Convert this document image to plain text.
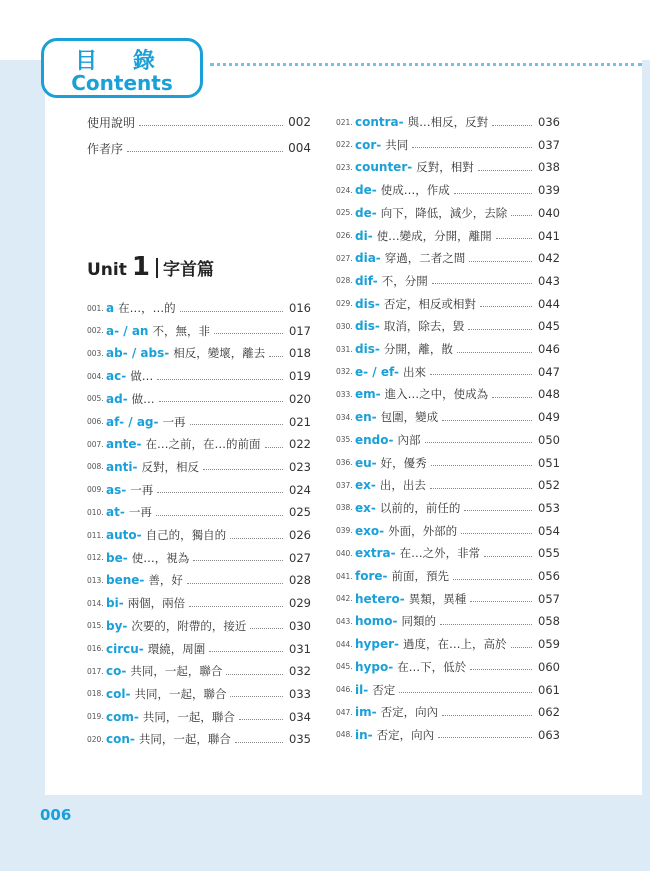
目 錄
Contents
使用說明	002
作者序	004
Unit 1 字首篇
001. a 在…，…的	016
002. a- / an 不，無，非	017
003. ab- / abs- 相反，變壞，離去 018
004. ac- 做…	019
005. ad- 做…	020
006. af- / ag- 一再	021
007. ante- 在…之前，在…的前面 022
008. anti- 反對，相反	023
009. as- 一再	024
010. at- 一再	025
011. auto- 自己的，獨自的	026
012. be- 使…，視為	027
013. bene- 善，好	028
014. bi- 兩個，兩倍	029
015. by- 次要的，附帶的，接近	030
016. circu- 環繞，周圍	031
017. co- 共同，一起，聯合	032
018. col- 共同，一起，聯合	033
019. com- 共同，一起，聯合	034
020. con- 共同，一起，聯合	035
021. contra- 與…相反，反對	036
022. cor- 共同	037
023. counter- 反對，相對	038
024. de- 使成…，作成	039
025. de- 向下，降低，減少，去除	040
026. di- 使…變成，分開，離開	041
027. dia- 穿過，二者之間	042
028. dif- 不，分開	043
029. dis- 否定，相反或相對	044
030. dis- 取消，除去，毀	045
031. dis- 分開，離，散	046
032. e- / ef- 出來	047
033. em- 進入…之中，使成為	048
034. en- 包圍，變成	049
035. endo- 內部	050
036. eu- 好，優秀	051
037. ex- 出，出去	052
038. ex- 以前的，前任的	053
039. exo- 外面，外部的	054
040. extra- 在…之外，非常	055
041. fore- 前面，預先	056
042. hetero- 異類，異種	057
043. homo- 同類的	058
044. hyper- 過度，在…上，高於	059
045. hypo- 在…下，低於	060
046. il- 否定	061
047. im- 否定，向內	062
048. in- 否定，向內	063
006
